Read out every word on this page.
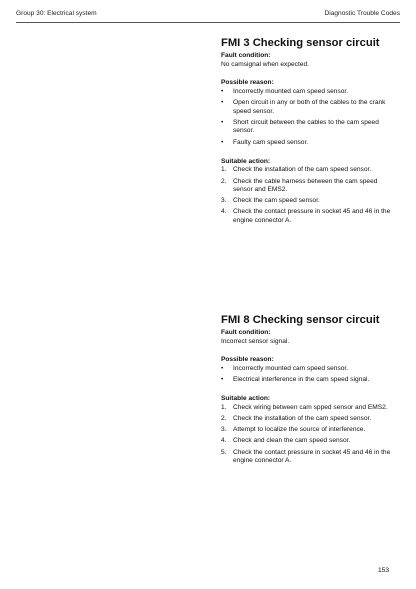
Group 30: Electrical system	Diagnostic Trouble Codes
FMI 3 Checking sensor circuit
Fault condition:
No camsignal when expected.
Possible reason:
•	Incorrectly mounted cam speed sensor.
•	Open circuit in any or both of the cables to the crank speed sensor.
•	Short circuit between the cables to the cam speed sensor.
•	Faulty cam speed sensor.
Suitable action:
1. Check the installation of the cam speed sensor.
2. Check the cable harness between the cam speed sensor and EMS2.
3. Check the cam speed sensor.
4. Check the contact pressure in socket 45 and 46 in the engine connector A.
FMI 8 Checking sensor circuit
Fault condition:
Incorrect sensor signal.
Possible reason:
•	Incorrectly mounted cam speed sensor.
•	Electrical interference in the cam speed signal.
Suitable action:
1. Check wiring between cam spped sensor and EMS2.
2. Check the installation of the cam speed sensor.
3. Attempt to localize the source of interference.
4. Check and clean the cam speed sensor.
5. Check the contact pressure in socket 45 and 46 in the engine connector A.
153
